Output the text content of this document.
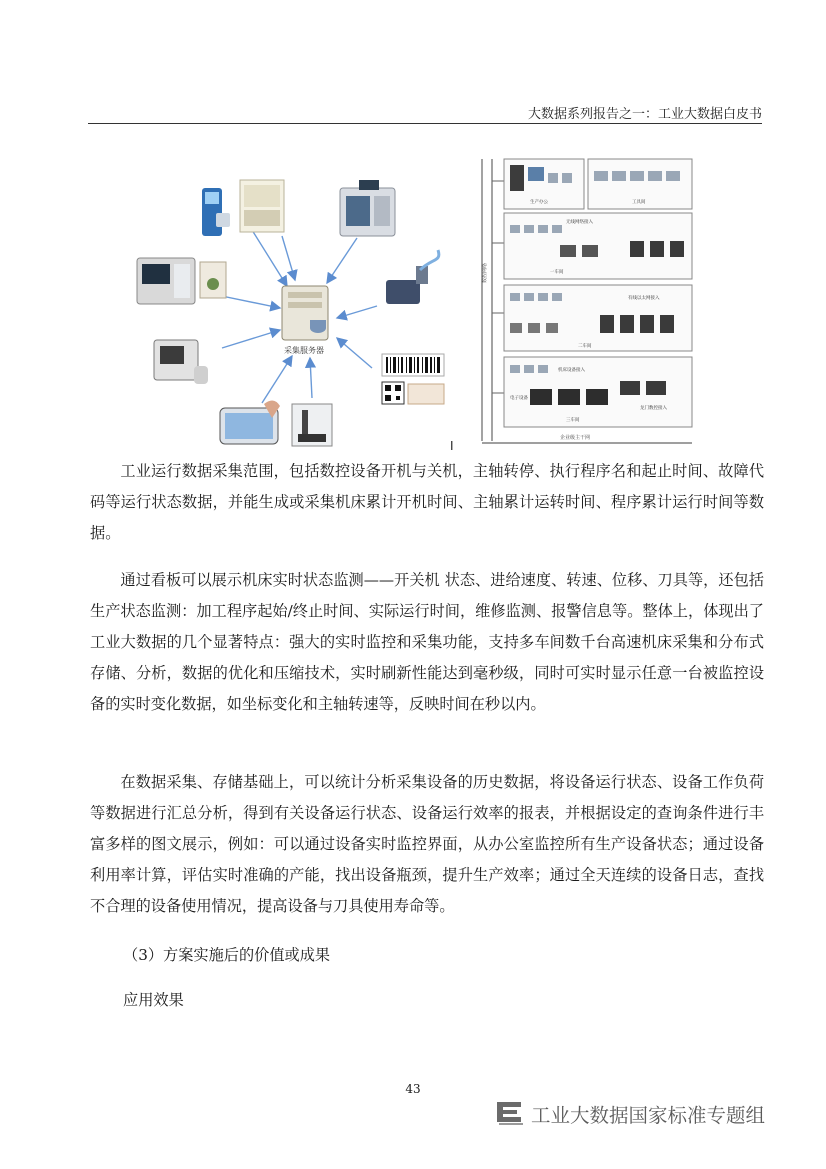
大数据系列报告之一：工业大数据白皮书
采集服务器
I
数控网络
企业级主干网
生产办公	工具间
无线网络接入
一车间
有线以太网接入
二车间
机床设备接入
电子设备
龙门数控接入
三车间

工业运行数据采集范围，包括数控设备开机与关机，主轴转停、执行程序名和起止时间、故障代码等运行状态数据，并能生成或采集机床累计开机时间、主轴累计运转时间、程序累计运行时间等数据。

通过看板可以展示机床实时状态监测——开关机 状态、进给速度、转速、位移、刀具等，还包括生产状态监测：加工程序起始/终止时间、实际运行时间，维修监测、报警信息等。整体上，体现出了工业大数据的几个显著特点：强大的实时监控和采集功能，支持多车间数千台高速机床采集和分布式存储、分析，数据的优化和压缩技术，实时刷新性能达到毫秒级，同时可实时显示任意一台被监控设备的实时变化数据，如坐标变化和主轴转速等，反映时间在秒以内。

在数据采集、存储基础上，可以统计分析采集设备的历史数据，将设备运行状态、设备工作负荷等数据进行汇总分析，得到有关设备运行状态、设备运行效率的报表，并根据设定的查询条件进行丰富多样的图文展示，例如：可以通过设备实时监控界面，从办公室监控所有生产设备状态；通过设备利用率计算，评估实时准确的产能，找出设备瓶颈，提升生产效率；通过全天连续的设备日志，查找不合理的设备使用情况，提高设备与刀具使用寿命等。

（3）方案实施后的价值或成果
应用效果
43
工业大数据国家标准专题组
